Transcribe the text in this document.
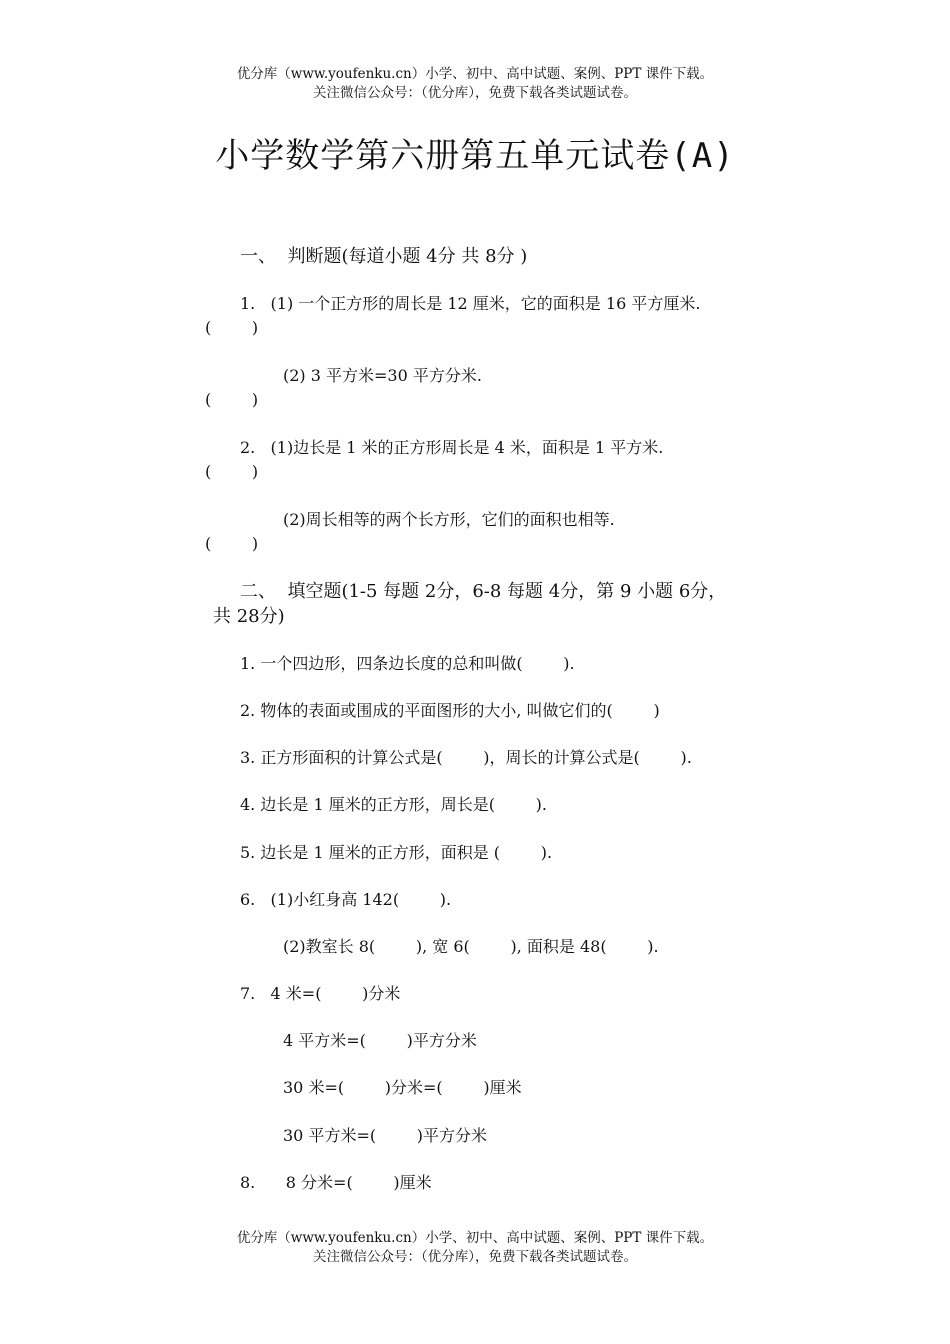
优分库（www.youfenku.cn）小学、初中、高中试题、案例、PPT 课件下载。
关注微信公众号：（优分库），免费下载各类试题试卷。
小学数学第六册第五单元试卷(A)
一、  判断题(每道小题 4分 共 8分 )
1.   (1) 一个正方形的周长是 12 厘米，它的面积是 16 平方厘米.
(        )
(2) 3 平方米=30 平方分米.
(        )
2.   (1)边长是 1 米的正方形周长是 4 米，面积是 1 平方米.
(        )
(2)周长相等的两个长方形，它们的面积也相等.
(        )
二、  填空题(1-5 每题 2分，6-8 每题 4分，第 9 小题 6分，
共 28分)
1. 一个四边形，四条边长度的总和叫做(        ).
2. 物体的表面或围成的平面图形的大小, 叫做它们的(        )
3. 正方形面积的计算公式是(        )，周长的计算公式是(        ).
4. 边长是 1 厘米的正方形，周长是(        ).
5. 边长是 1 厘米的正方形，面积是 (        ).
6.   (1)小红身高 142(        ).
(2)教室长 8(        ), 宽 6(        ), 面积是 48(        ).
7.   4 米=(        )分米
4 平方米=(        )平方分米
30 米=(        )分米=(        )厘米
30 平方米=(        )平方分米
8.      8 分米=(        )厘米
优分库（www.youfenku.cn）小学、初中、高中试题、案例、PPT 课件下载。
关注微信公众号：（优分库），免费下载各类试题试卷。
